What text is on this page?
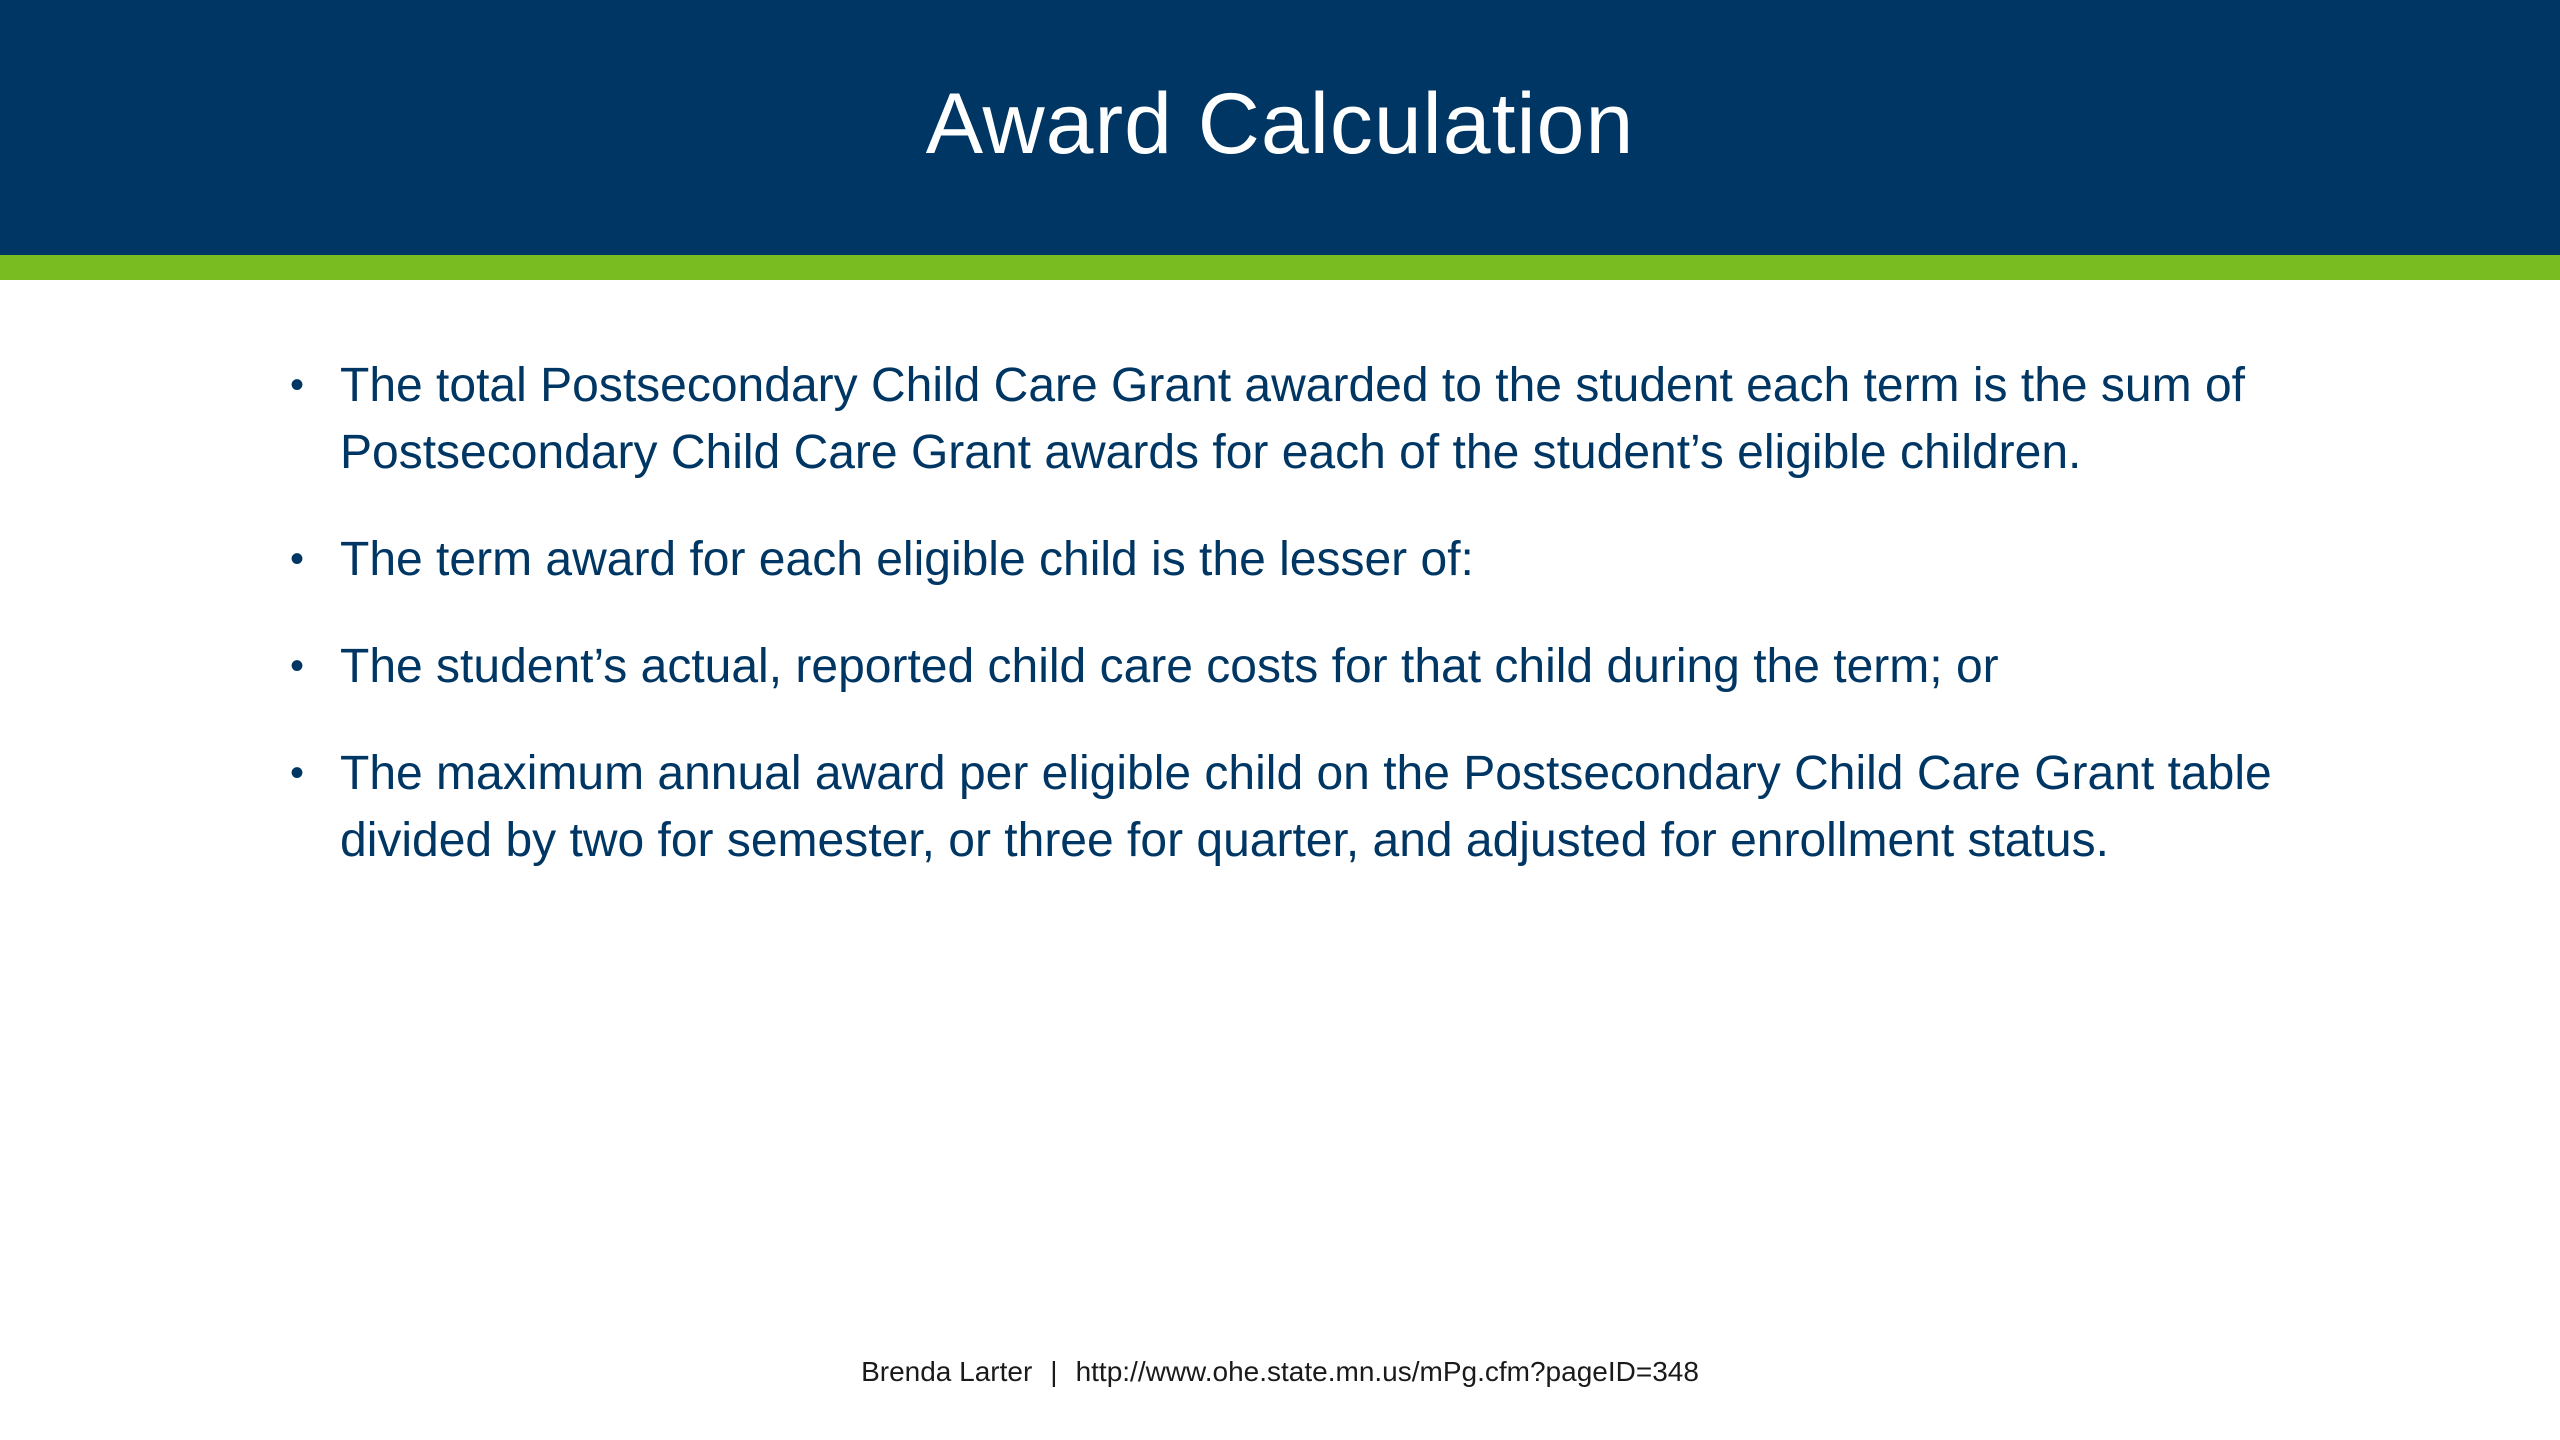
Award Calculation
• The total Postsecondary Child Care Grant awarded to the student each term is the sum of Postsecondary Child Care Grant awards for each of the student’s eligible children.
• The term award for each eligible child is the lesser of:
• The student’s actual, reported child care costs for that child during the term; or
• The maximum annual award per eligible child on the Postsecondary Child Care Grant table divided by two for semester, or three for quarter, and adjusted for enrollment status.
Brenda Larter | http://www.ohe.state.mn.us/mPg.cfm?pageID=348
